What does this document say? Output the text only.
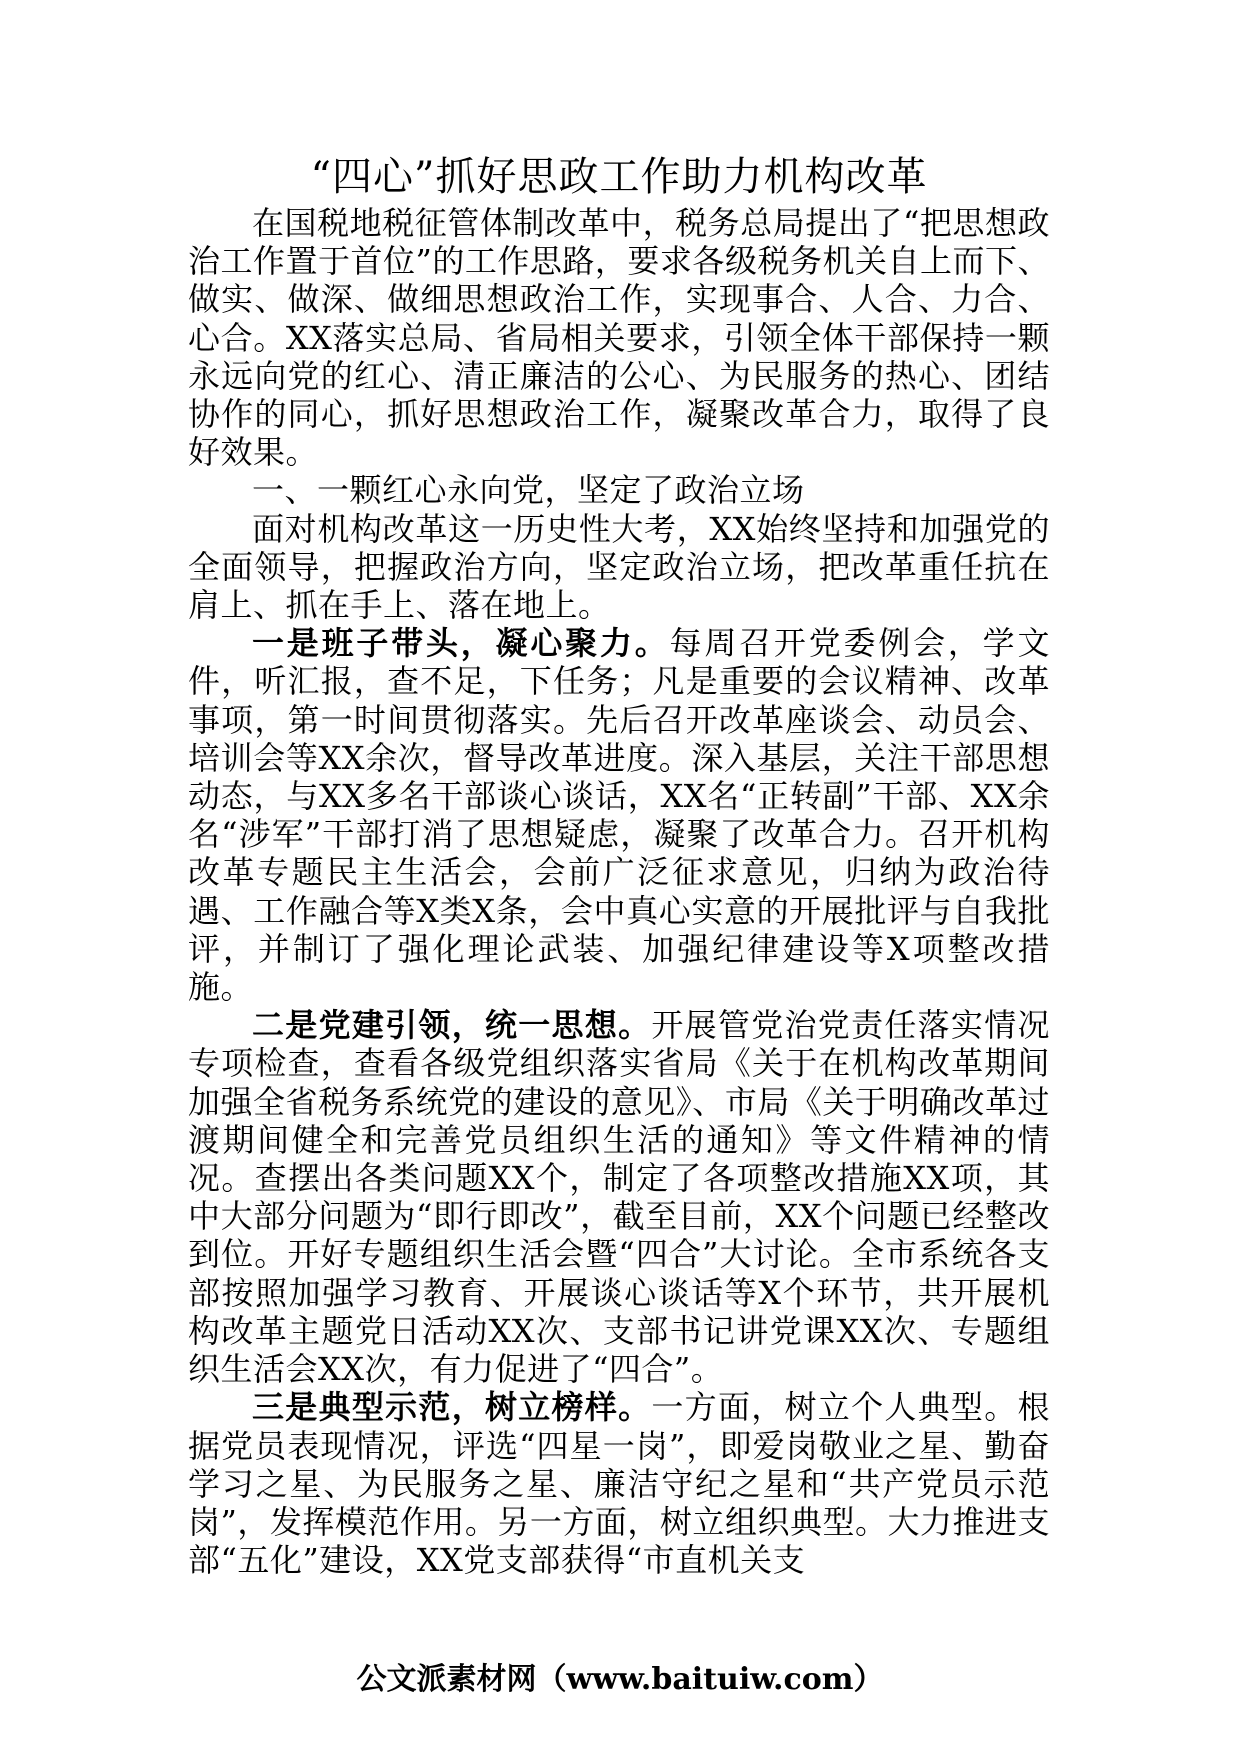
“四心”抓好思政工作助力机构改革

在国税地税征管体制改革中，税务总局提出了“把思想政治工作置于首位”的工作思路，要求各级税务机关自上而下、做实、做深、做细思想政治工作，实现事合、人合、力合、心合。XX落实总局、省局相关要求，引领全体干部保持一颗永远向党的红心、清正廉洁的公心、为民服务的热心、团结协作的同心，抓好思想政治工作，凝聚改革合力，取得了良好效果。

一、一颗红心永向党，坚定了政治立场

面对机构改革这一历史性大考，XX始终坚持和加强党的全面领导，把握政治方向，坚定政治立场，把改革重任抗在肩上、抓在手上、落在地上。

一是班子带头，凝心聚力。每周召开党委例会，学文件，听汇报，查不足，下任务；凡是重要的会议精神、改革事项，第一时间贯彻落实。先后召开改革座谈会、动员会、培训会等XX余次，督导改革进度。深入基层，关注干部思想动态，与XX多名干部谈心谈话，XX名“正转副”干部、XX余名“涉军”干部打消了思想疑虑，凝聚了改革合力。召开机构改革专题民主生活会，会前广泛征求意见，归纳为政治待遇、工作融合等X类X条，会中真心实意的开展批评与自我批评，并制订了强化理论武装、加强纪律建设等X项整改措施。

二是党建引领，统一思想。开展管党治党责任落实情况专项检查，查看各级党组织落实省局《关于在机构改革期间加强全省税务系统党的建设的意见》、市局《关于明确改革过渡期间健全和完善党员组织生活的通知》等文件精神的情况。查摆出各类问题XX个，制定了各项整改措施XX项，其中大部分问题为“即行即改”，截至目前，XX个问题已经整改到位。开好专题组织生活会暨“四合”大讨论。全市系统各支部按照加强学习教育、开展谈心谈话等X个环节，共开展机构改革主题党日活动XX次、支部书记讲党课XX次、专题组织生活会XX次，有力促进了“四合”。

三是典型示范，树立榜样。一方面，树立个人典型。根据党员表现情况，评选“四星一岗”，即爱岗敬业之星、勤奋学习之星、为民服务之星、廉洁守纪之星和“共产党员示范岗”，发挥模范作用。另一方面，树立组织典型。大力推进支部“五化”建设，XX党支部获得“市直机关支

公文派素材网（www.baituiw.com）
